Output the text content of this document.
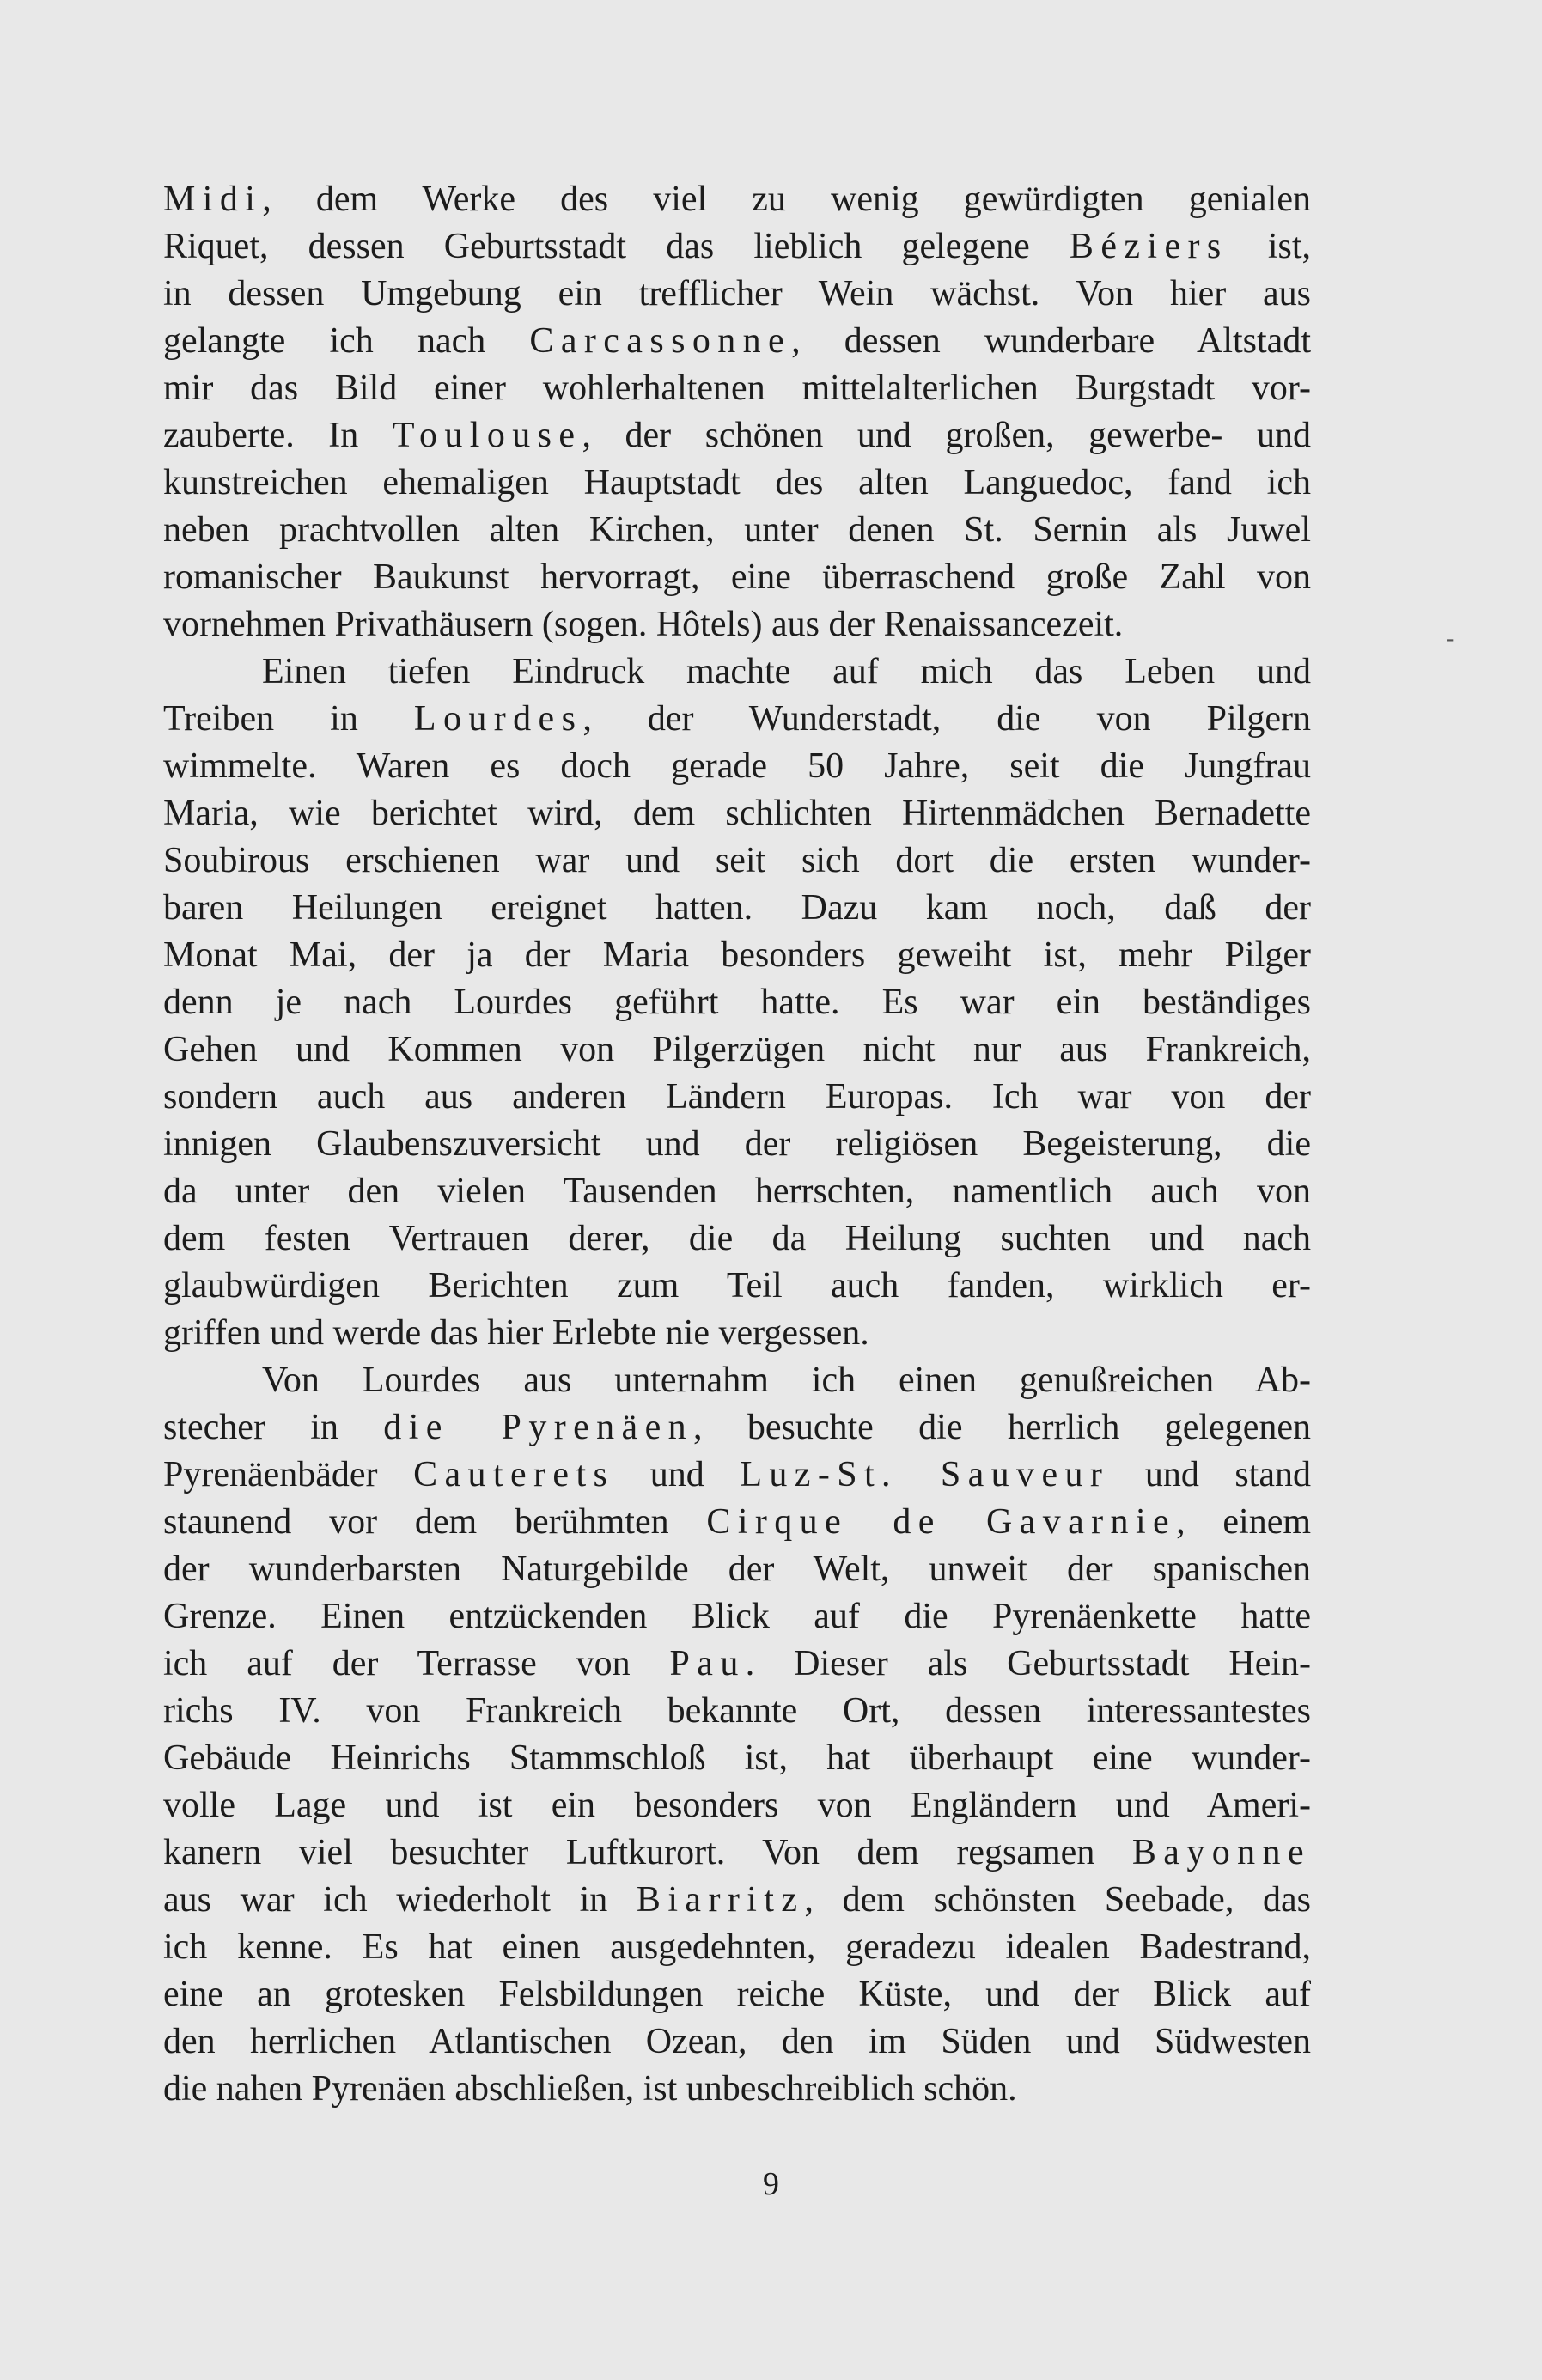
Midi, dem Werke des viel zu wenig gewürdigten genialen
Riquet, dessen Geburtsstadt das lieblich gelegene Béziers ist,
in dessen Umgebung ein trefflicher Wein wächst. Von hier aus
gelangte ich nach Carcassonne, dessen wunderbare Altstadt
mir das Bild einer wohlerhaltenen mittelalterlichen Burgstadt vor-
zauberte. In Toulouse, der schönen und großen, gewerbe- und
kunstreichen ehemaligen Hauptstadt des alten Languedoc, fand ich
neben prachtvollen alten Kirchen, unter denen St. Sernin als Juwel
romanischer Baukunst hervorragt, eine überraschend große Zahl von
vornehmen Privathäusern (sogen. Hôtels) aus der Renaissancezeit.
Einen tiefen Eindruck machte auf mich das Leben und
Treiben in Lourdes, der Wunderstadt, die von Pilgern
wimmelte. Waren es doch gerade 50 Jahre, seit die Jungfrau
Maria, wie berichtet wird, dem schlichten Hirtenmädchen Bernadette
Soubirous erschienen war und seit sich dort die ersten wunder-
baren Heilungen ereignet hatten. Dazu kam noch, daß der
Monat Mai, der ja der Maria besonders geweiht ist, mehr Pilger
denn je nach Lourdes geführt hatte. Es war ein beständiges
Gehen und Kommen von Pilgerzügen nicht nur aus Frankreich,
sondern auch aus anderen Ländern Europas. Ich war von der
innigen Glaubenszuversicht und der religiösen Begeisterung, die
da unter den vielen Tausenden herrschten, namentlich auch von
dem festen Vertrauen derer, die da Heilung suchten und nach
glaubwürdigen Berichten zum Teil auch fanden, wirklich er-
griffen und werde das hier Erlebte nie vergessen.
Von Lourdes aus unternahm ich einen genußreichen Ab-
stecher in die Pyrenäen, besuchte die herrlich gelegenen
Pyrenäenbäder Cauterets und Luz-St. Sauveur und stand
staunend vor dem berühmten Cirque de Gavarnie, einem
der wunderbarsten Naturgebilde der Welt, unweit der spanischen
Grenze. Einen entzückenden Blick auf die Pyrenäenkette hatte
ich auf der Terrasse von Pau. Dieser als Geburtsstadt Hein-
richs IV. von Frankreich bekannte Ort, dessen interessantestes
Gebäude Heinrichs Stammschloß ist, hat überhaupt eine wunder-
volle Lage und ist ein besonders von Engländern und Ameri-
kanern viel besuchter Luftkurort. Von dem regsamen Bayonne
aus war ich wiederholt in Biarritz, dem schönsten Seebade, das
ich kenne. Es hat einen ausgedehnten, geradezu idealen Badestrand,
eine an grotesken Felsbildungen reiche Küste, und der Blick auf
den herrlichen Atlantischen Ozean, den im Süden und Südwesten
die nahen Pyrenäen abschließen, ist unbeschreiblich schön.
-
9
